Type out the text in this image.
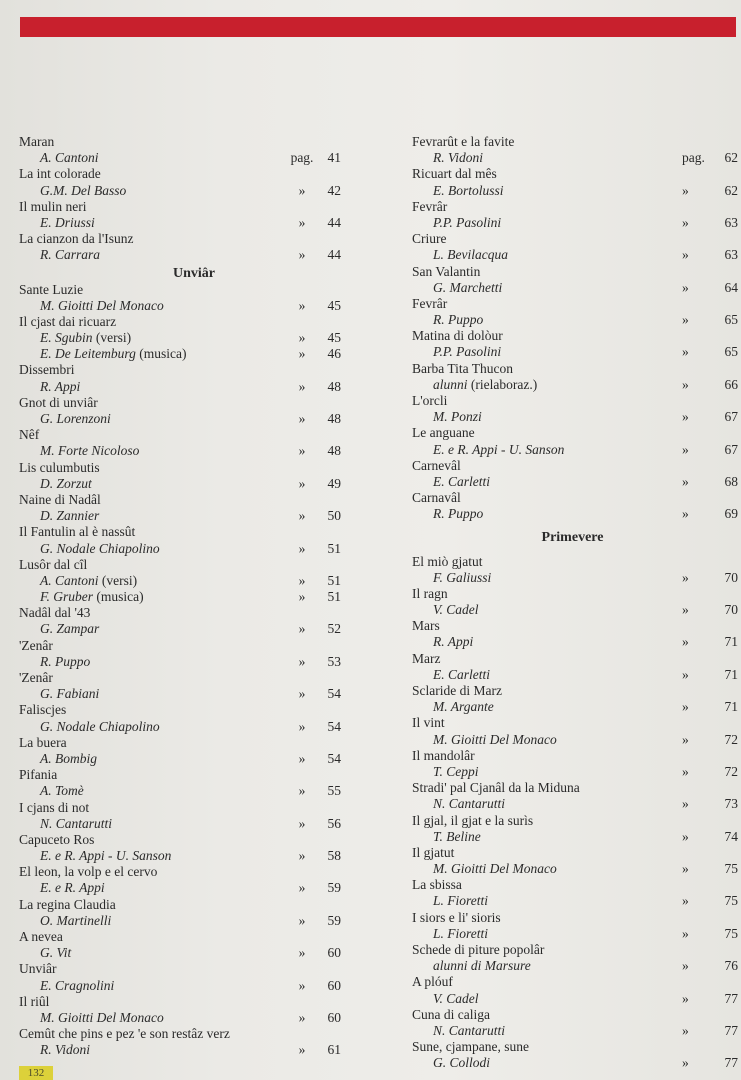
Maran
A. Cantoni	pag. 41
La int colorade
G.M. Del Basso	» 42
Il mulin neri
E. Driussi	» 44
La cianzon da l'Isunz
R. Carrara	» 44
Unviâr
Sante Luzie
M. Gioitti Del Monaco	» 45
Il cjast dai ricuarz
E. Sgubin (versi)	» 45
E. De Leitemburg (musica)	» 46
Dissembri
R. Appi	» 48
Gnot di unviâr
G. Lorenzoni	» 48
Nêf
M. Forte Nicoloso	» 48
Lis culumbutis
D. Zorzut	» 49
Naine di Nadâl
D. Zannier	» 50
Il Fantulin al è nassût
G. Nodale Chiapolino	» 51
Lusôr dal cîl
A. Cantoni (versi)	» 51
F. Gruber (musica)	» 51
Nadâl dal '43
G. Zampar	» 52
'Zenâr
R. Puppo	» 53
'Zenâr
G. Fabiani	» 54
Faliscjes
G. Nodale Chiapolino	» 54
La buera
A. Bombig	» 54
Pifania
A. Tomè	» 55
I cjans di not
N. Cantarutti	» 56
Capuceto Ros
E. e R. Appi - U. Sanson	» 58
El leon, la volp e el cervo
E. e R. Appi	» 59
La regina Claudia
O. Martinelli	» 59
A nevea
G. Vit	» 60
Unviâr
E. Cragnolini	» 60
Il riûl
M. Gioitti Del Monaco	» 60
Cemût che pins e pez 'e son restâz verz
R. Vidoni	» 61
Fevrarût e la favite
R. Vidoni	pag. 62
Ricuart dal mês
E. Bortolussi	»	62
Fevrâr
P.P. Pasolini	»	63
Criure
L. Bevilacqua	»	63
San Valantin
G. Marchetti	»	64
Fevrâr
R. Puppo	»	65
Matina di dolòur
P.P. Pasolini	»	65
Barba Tita Thucon
alunni (rielaboraz.)	»	66
L'orcli
M. Ponzi	»	67
Le anguane
E. e R. Appi - U. Sanson	»	67
Carnevâl
E. Carletti	»	68
Carnavâl
R. Puppo	»	69
Primevere
El miò gjatut
F. Galiussi	»	70
Il ragn
V. Cadel	»	70
Mars
R. Appi	»	71
Marz
E. Carletti	»	71
Sclaride di Marz
M. Argante	»	71
Il vint
M. Gioitti Del Monaco	»	72
Il mandolâr
T. Ceppi	»	72
Stradi' pal Cjanâl da la Miduna
N. Cantarutti	»	73
Il gjal, il gjat e la surìs
T. Beline	»	74
Il gjatut
M. Gioitti Del Monaco	»	75
La sbissa
L. Fioretti	»	75
I siors e li' sioris
L. Fioretti	»	75
Schede di piture popolâr
alunni di Marsure	»	76
A plóuf
V. Cadel	»	77
Cuna di caliga
N. Cantarutti	»	77
Sune, cjampane, sune
G. Collodi	»	77
132
